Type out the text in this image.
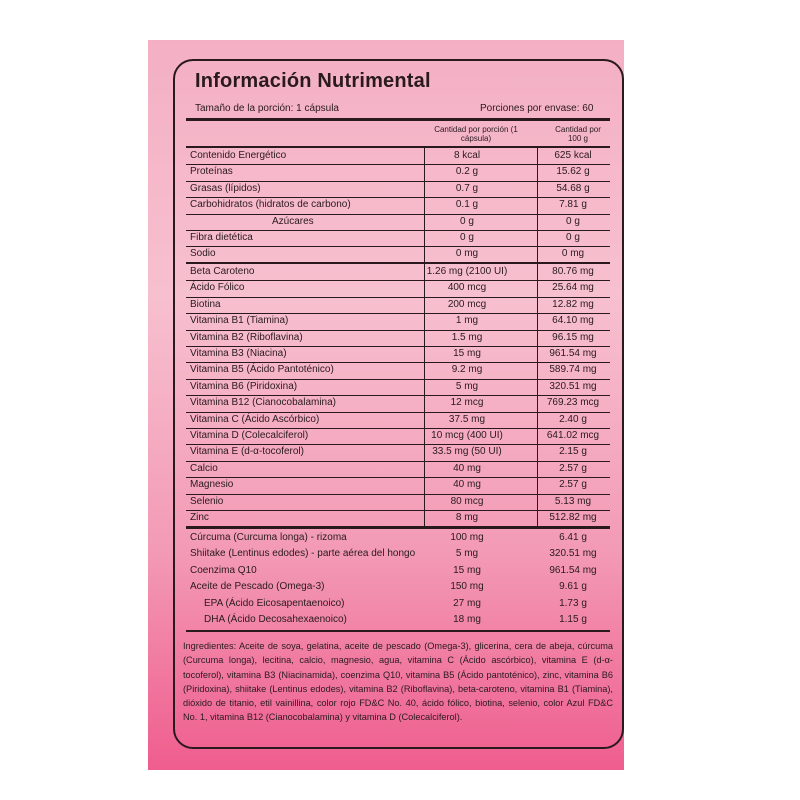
Información Nutrimental
Tamaño de la porción: 1 cápsula	Porciones por envase: 60
Cantidad por porción (1 cápsula)
Cantidad por 100 g
Contenido Energético	8 kcal	625 kcal
Proteínas	0.2 g	15.62 g
Grasas (lípidos)	0.7 g	54.68 g
Carbohidratos (hidratos de carbono)	0.1 g	7.81 g
Azúcares	0 g	0 g
Fibra dietética	0 g	0 g
Sodio	0 mg	0 mg
Beta Caroteno	1.26 mg (2100 UI)	80.76 mg
Ácido Fólico	400 mcg	25.64 mg
Biotina	200 mcg	12.82 mg
Vitamina B1 (Tiamina)	1 mg	64.10 mg
Vitamina B2 (Riboflavina)	1.5 mg	96.15 mg
Vitamina B3 (Niacina)	15 mg	961.54 mg
Vitamina B5 (Ácido Pantoténico)	9.2 mg	589.74 mg
Vitamina B6 (Piridoxina)	5 mg	320.51 mg
Vitamina B12 (Cianocobalamina)	12 mcg	769.23 mcg
Vitamina C (Ácido Ascórbico)	37.5 mg	2.40 g
Vitamina D (Colecalciferol)	10 mcg (400 UI)	641.02 mcg
Vitamina E (d-α-tocoferol)	33.5 mg (50 UI)	2.15 g
Calcio	40 mg	2.57 g
Magnesio	40 mg	2.57 g
Selenio	80 mcg	5.13 mg
Zinc	8 mg	512.82 mg
Cúrcuma (Curcuma longa) - rizoma	100 mg	6.41 g
Shiitake (Lentinus edodes) - parte aérea del hongo	5 mg	320.51 mg
Coenzima Q10	15 mg	961.54 mg
Aceite de Pescado (Omega-3)	150 mg	9.61 g
EPA (Ácido Eicosapentaenoico)	27 mg	1.73 g
DHA (Ácido Decosahexaenoico)	18 mg	1.15 g
Ingredientes: Aceite de soya, gelatina, aceite de pescado (Omega-3), glicerina, cera de abeja, cúrcuma (Curcuma longa), lecitina, calcio, magnesio, agua, vitamina C (Ácido ascórbico), vitamina E (d-α-tocoferol), vitamina B3 (Niacinamida), coenzima Q10, vitamina B5 (Ácido pantoténico), zinc, vitamina B6 (Piridoxina), shiitake (Lentinus edodes), vitamina B2 (Riboflavina), beta-caroteno, vitamina B1 (Tiamina), dióxido de titanio, etil vainillina, color rojo FD&C No. 40, ácido fólico, biotina, selenio, color Azul FD&C No. 1, vitamina B12 (Cianocobalamina) y vitamina D (Colecalciferol).
